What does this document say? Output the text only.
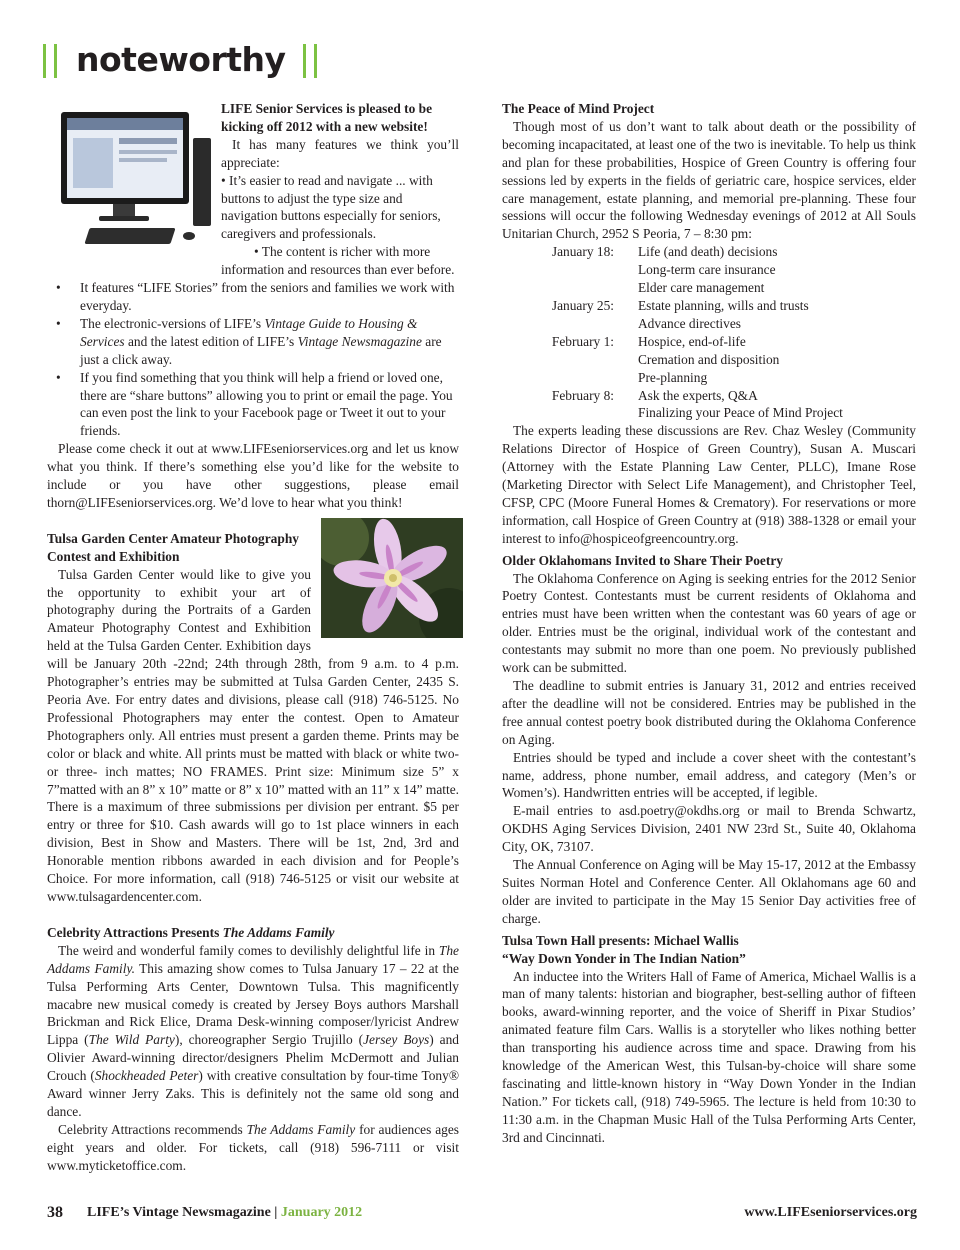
noteworthy
LIFE Senior Services is pleased to be
kicking off 2012 with a new website!

It has many features we think you’ll appreciate:

• It’s easier to read and navigate ... with buttons to adjust the type size and navigation buttons especially for seniors, caregivers and professionals.

• The content is richer with more information and resources than ever before.

• It features “LIFE Stories” from the seniors and families we work with everyday.
• The electronic-versions of LIFE’s Vintage Guide to Housing & Services and the latest edition of LIFE’s Vintage Newsmagazine are just a click away.
• If you find something that you think will help a friend or loved one, there are “share buttons” allowing you to print or email the page. You can even post the link to your Facebook page or Tweet it out to your friends.

Please come check it out at www.LIFEseniorservices.org and let us know what you think. If there’s something else you’d like for the website to include or you have other suggestions, please email thorn@LIFEseniorservices.org. We’d love to hear what you think!

Tulsa Garden Center Amateur Photography Contest and Exhibition

Tulsa Garden Center would like to give you the opportunity to exhibit your art of photography during the Portraits of a Garden Amateur Photography Contest and Exhibition held at the Tulsa Garden Center. Exhibition days will be January 20th -22nd; 24th through 28th, from 9 a.m. to 4 p.m. Photographer’s entries may be submitted at Tulsa Garden Center, 2435 S. Peoria Ave. For entry dates and divisions, please call (918) 746-5125. No Professional Photographers may enter the contest. Open to Amateur Photographers only. All entries must present a garden theme. Prints may be color or black and white. All prints must be matted with black or white two- or three- inch mattes; NO FRAMES. Print size: Minimum size 5” x 7”matted with an 8” x 10” matte or 8” x 10” matted with an 11” x 14” matte. There is a maximum of three submissions per division per entrant. $5 per entry or three for $10. Cash awards will go to 1st place winners in each division, Best in Show and Masters. There will be 1st, 2nd, 3rd and Honorable mention ribbons awarded in each division and for People’s Choice. For more information, call (918) 746-5125 or visit our website at www.tulsagardencenter.com.

Celebrity Attractions Presents The Addams Family

The weird and wonderful family comes to devilishly delightful life in The Addams Family. This amazing show comes to Tulsa January 17 – 22 at the Tulsa Performing Arts Center, Downtown Tulsa. This magnificently macabre new musical comedy is created by Jersey Boys authors Marshall Brickman and Rick Elice, Drama Desk-winning composer/lyricist Andrew Lippa (The Wild Party), choreographer Sergio Trujillo (Jersey Boys) and Olivier Award-winning director/designers Phelim McDermott and Julian Crouch (Shockheaded Peter) with creative consultation by four-time Tony® Award winner Jerry Zaks. This is definitely not the same old song and dance.

Celebrity Attractions recommends The Addams Family for audiences ages eight years and older. For tickets, call (918) 596-7111 or visit www.myticketoffice.com.

The Peace of Mind Project

Though most of us don’t want to talk about death or the possibility of becoming incapacitated, at least one of the two is inevitable. To help us think and plan for these probabilities, Hospice of Green Country is offering four sessions led by experts in the fields of geriatric care, hospice services, elder care management, estate planning, and memorial pre-planning. These four sessions will occur the following Wednesday evenings of 2012 at All Souls Unitarian Church, 2952 S Peoria, 7 – 8:30 pm:

January 18: Life (and death) decisions
Long-term care insurance
Elder care management
January 25: Estate planning, wills and trusts
Advance directives
February 1: Hospice, end-of-life
Cremation and disposition
Pre-planning
February 8: Ask the experts, Q&A
Finalizing your Peace of Mind Project

The experts leading these discussions are Rev. Chaz Wesley (Community Relations Director of Hospice of Green Country), Susan A. Muscari (Attorney with the Estate Planning Law Center, PLLC), Imane Rose (Marketing Director with Select Life Management), and Christopher Teel, CFSP, CPC (Moore Funeral Homes & Crematory). For reservations or more information, call Hospice of Green Country at (918) 388-1328 or email your interest to info@hospiceofgreencountry.org.

Older Oklahomans Invited to Share Their Poetry

The Oklahoma Conference on Aging is seeking entries for the 2012 Senior Poetry Contest. Contestants must be current residents of Oklahoma and entries must have been written when the contestant was 60 years of age or older. Entries must be the original, individual work of the contestant and contestants may submit no more than one poem. No previously published work can be submitted.

The deadline to submit entries is January 31, 2012 and entries received after the deadline will not be considered. Entries may be published in the free annual contest poetry book distributed during the Oklahoma Conference on Aging.

Entries should be typed and include a cover sheet with the contestant’s name, address, phone number, email address, and category (Men’s or Women’s). Handwritten entries will be accepted, if legible.

E-mail entries to asd.poetry@okdhs.org or mail to Brenda Schwartz, OKDHS Aging Services Division, 2401 NW 23rd St., Suite 40, Oklahoma City, OK, 73107.

The Annual Conference on Aging will be May 15-17, 2012 at the Embassy Suites Norman Hotel and Conference Center. All Oklahomans age 60 and older are invited to participate in the May 15 Senior Day activities free of charge.

Tulsa Town Hall presents: Michael Wallis
“Way Down Yonder in The Indian Nation”

An inductee into the Writers Hall of Fame of America, Michael Wallis is a man of many talents: historian and biographer, best-selling author of fifteen books, award-winning reporter, and the voice of Sheriff in Pixar Studios’ animated feature film Cars. Wallis is a storyteller who likes nothing better than transporting his audience across time and space. Drawing from his knowledge of the American West, this Tulsan-by-choice will share some fascinating and little-known history in “Way Down Yonder in the Indian Nation.” For tickets call, (918) 749-5965. The lecture is held from 10:30 to 11:30 a.m. in the Chapman Music Hall of the Tulsa Performing Arts Center, 3rd and Cincinnati.

38 LIFE’s Vintage Newsmagazine | January 2012	www.LIFEseniorservices.org
